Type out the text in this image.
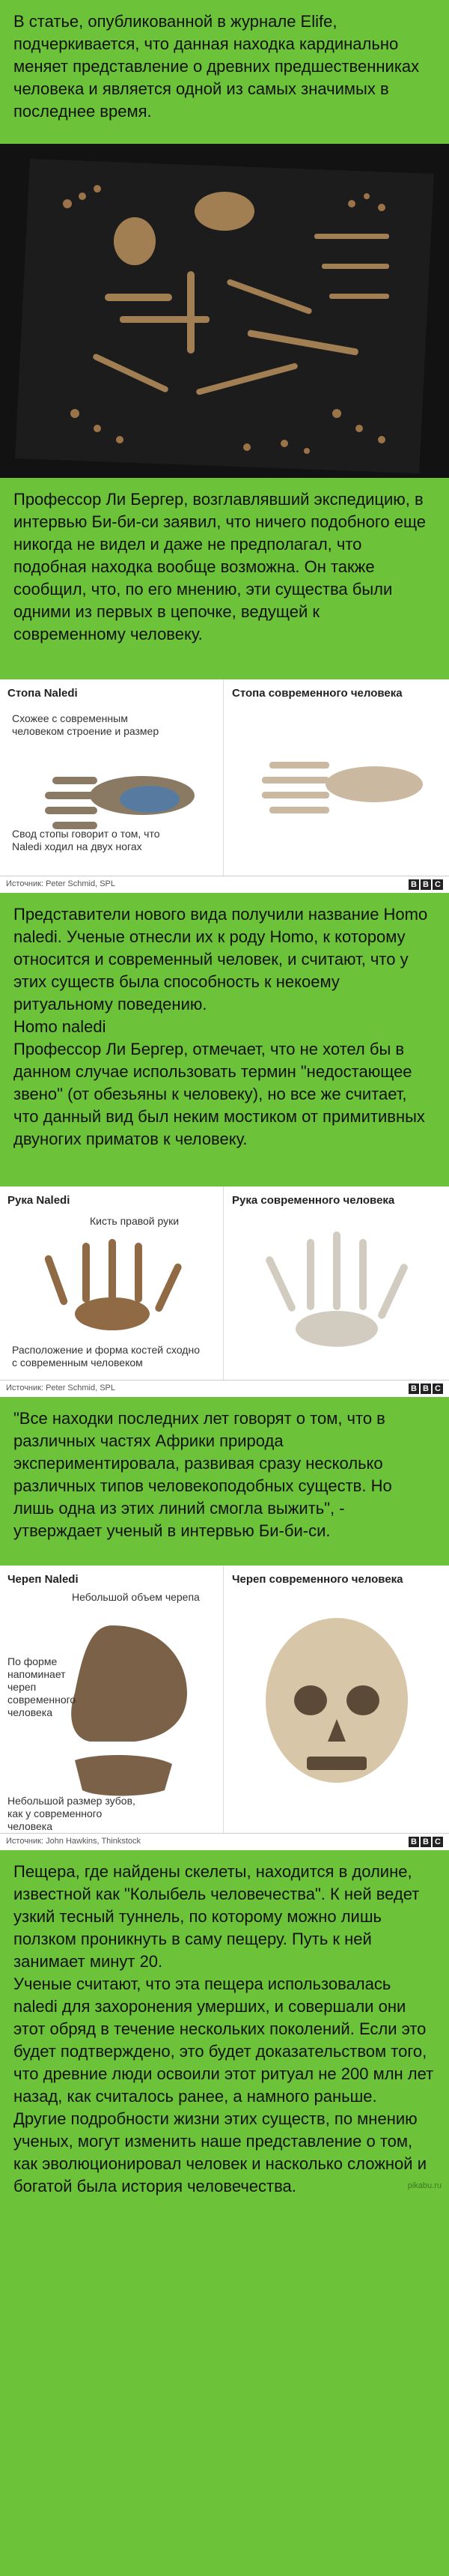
В статье, опубликованной в журнале Elife, подчеркивается, что данная находка кардинально меняет представление о древних предшественниках человека и является одной из самых значимых в последнее время.

Профессор Ли Бергер, возглавлявший экспедицию, в интервью Би-би-си заявил, что ничего подобного еще никогда не видел и даже не предполагал, что подобная находка вообще возможна. Он также сообщил, что, по его мнению, эти существа были одними из первых в цепочке, ведущей к современному человеку.

Стопа Naledi
Схожее с современным человеком строение и размер
Свод стопы говорит о том, что Naledi ходил на двух ногах
Стопа современного человека
Источник: Peter Schmid, SPL	B B C

Представители нового вида получили название Homo naledi. Ученые отнесли их к роду Homo, к которому относится и современный человек, и считают, что у этих существ была способность к некоему ритуальному поведению.
Homo naledi
Профессор Ли Бергер, отмечает, что не хотел бы в данном случае использовать термин "недостающее звено" (от обезьяны к человеку), но все же считает, что данный вид был неким мостиком от примитивных двуногих приматов к человеку.

Рука Naledi
Кисть правой руки
Расположение и форма костей сходно с современным человеком
Рука современного человека
Источник: Peter Schmid, SPL	B B C

"Все находки последних лет говорят о том, что в различных частях Африки природа экспериментировала, развивая сразу несколько различных типов человекоподобных существ. Но лишь одна из этих линий смогла выжить", - утверждает ученый в интервью Би-би-си.

Череп Naledi
Небольшой объем черепа
По форме напоминает череп современного человека
Небольшой размер зубов, как у современного человека
Череп современного человека
Источник: John Hawkins, Thinkstock	B B C

Пещера, где найдены скелеты, находится в долине, известной как "Колыбель человечества". К ней ведет узкий тесный туннель, по которому можно лишь ползком проникнуть в саму пещеру. Путь к ней занимает минут 20.
Ученые считают, что эта пещера использовалась naledi для захоронения умерших, и совершали они этот обряд в течение нескольких поколений. Если это будет подтверждено, это будет доказательством того, что древние люди освоили этот ритуал не 200 млн лет назад, как считалось ранее, а намного раньше.
Другие подробности жизни этих существ, по мнению ученых, могут изменить наше представление о том, как эволюционировал человек и насколько сложной и богатой была история человечества.	pikabu.ru
